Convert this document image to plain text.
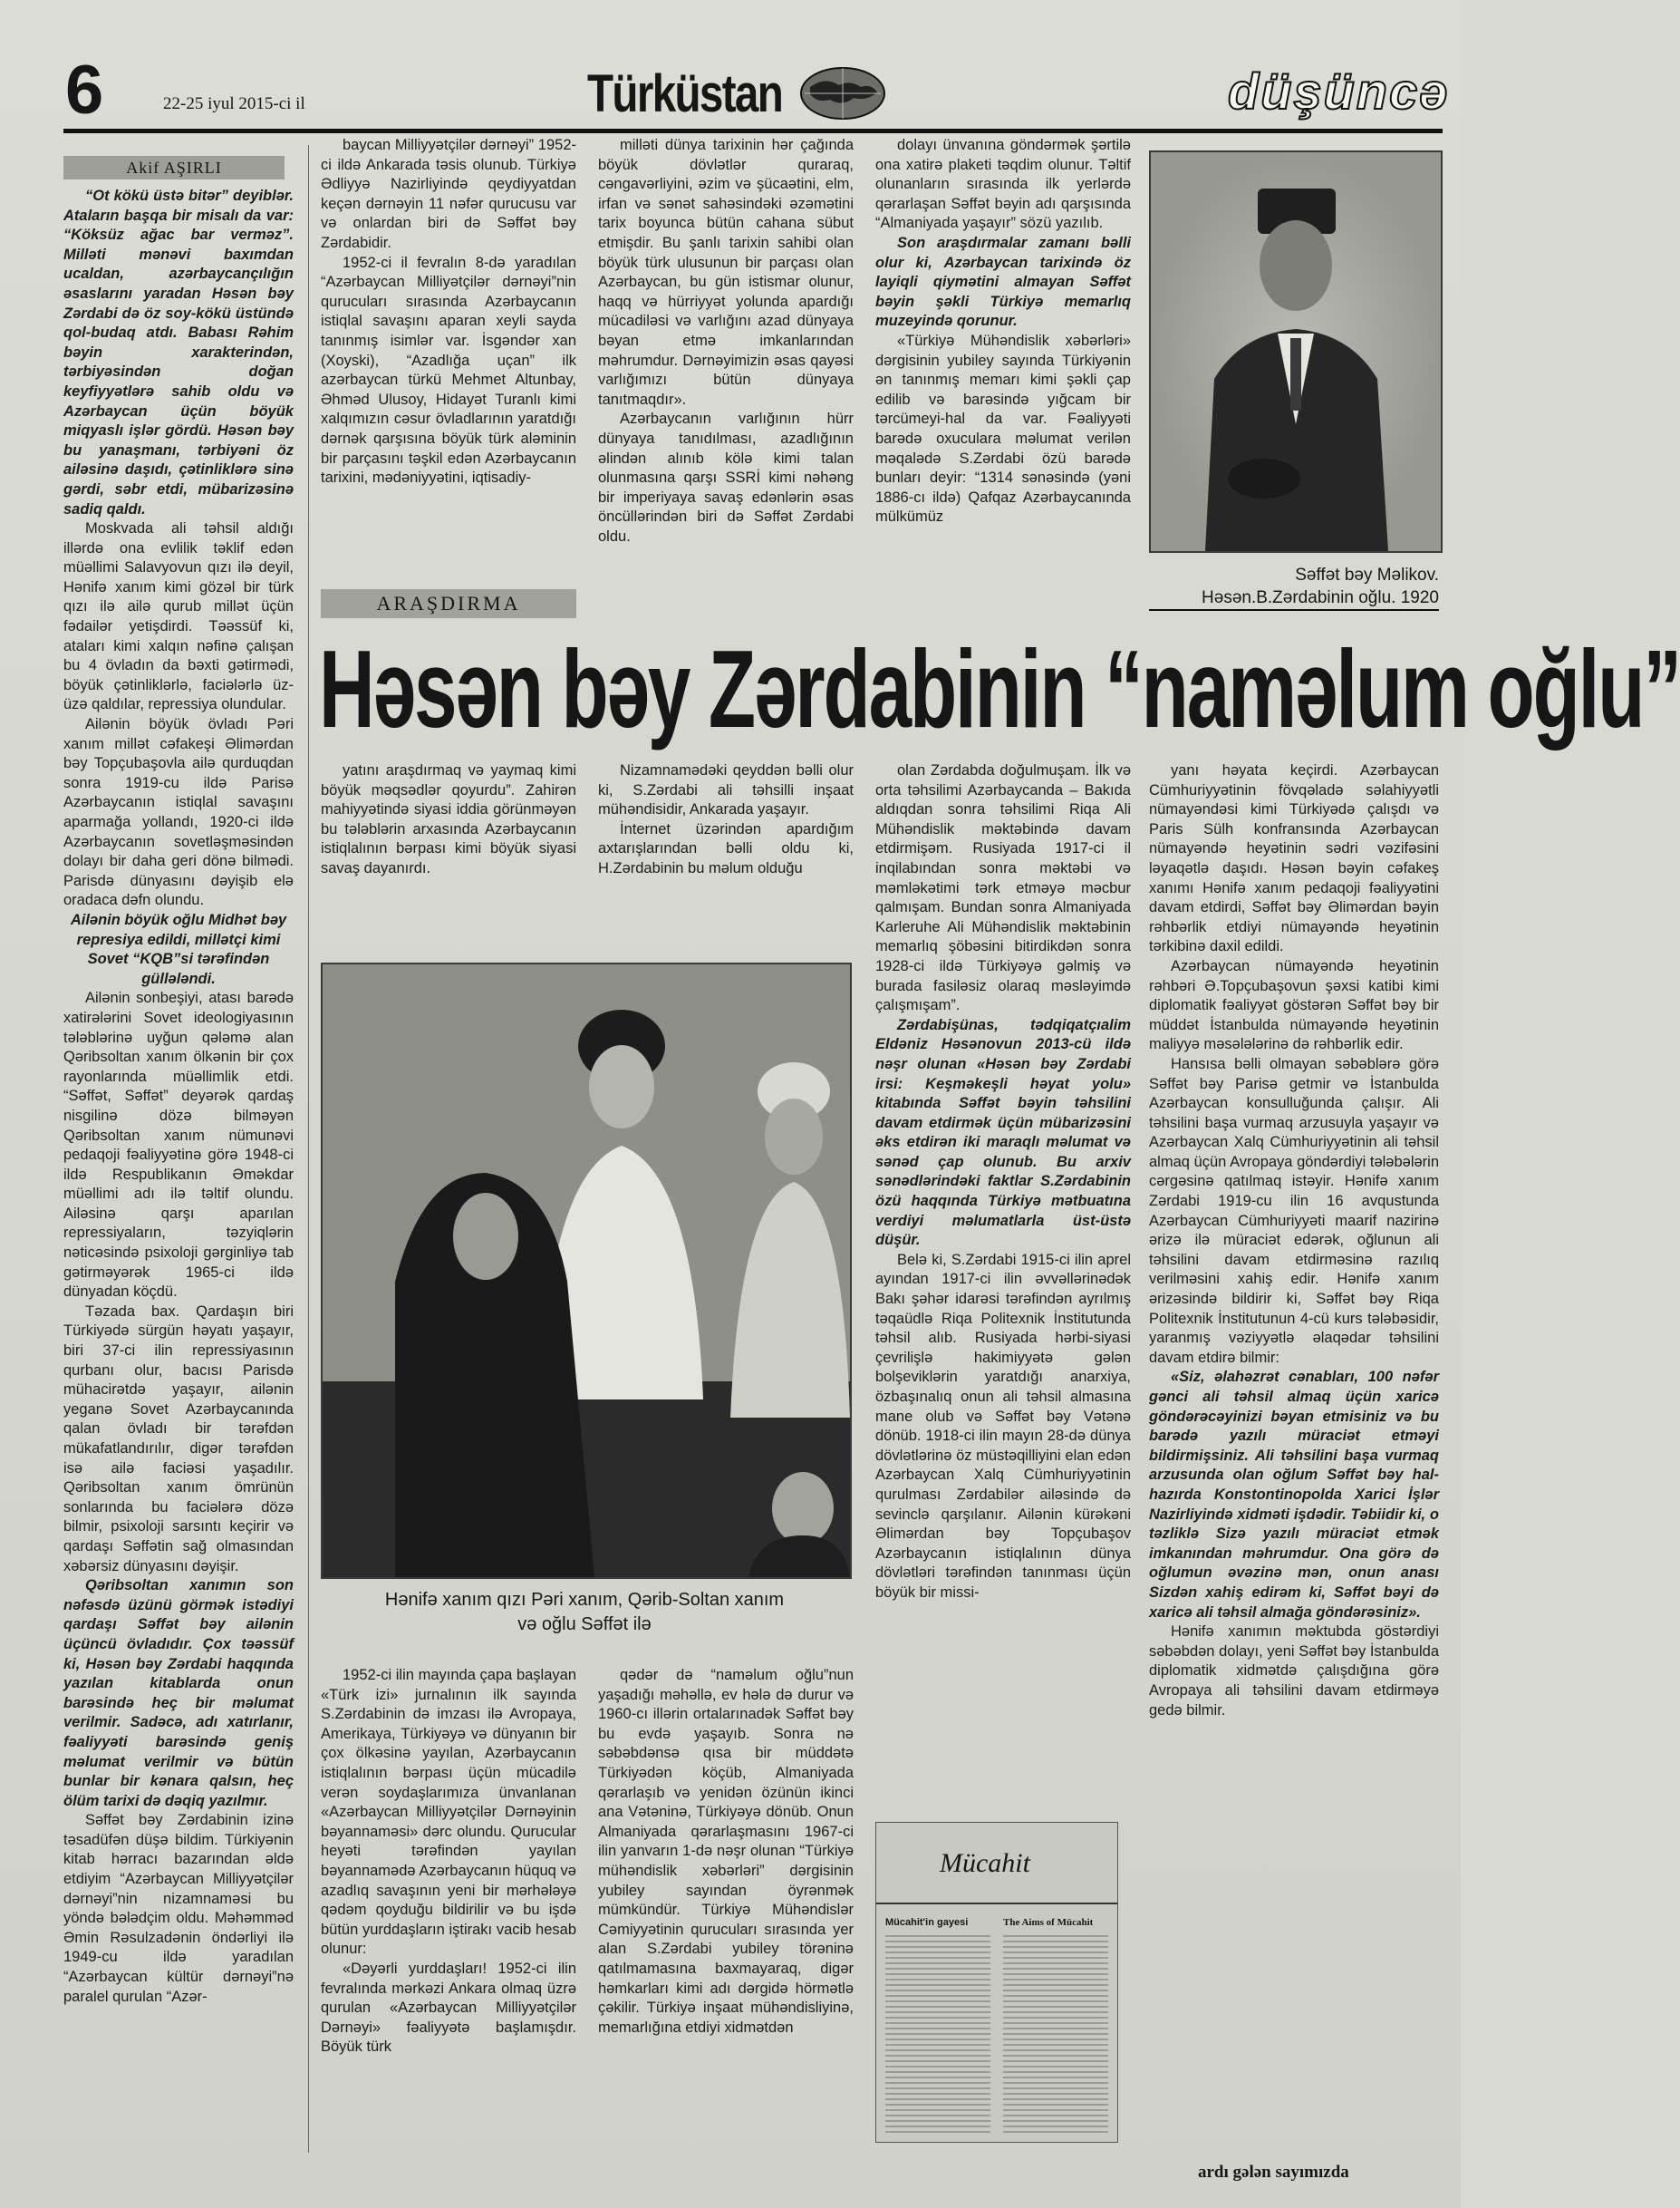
6	22-25 iyul 2015-ci il	Türküstan	düşüncə
Akif AŞIRLI
ARAŞDIRMA
Həsən bəy Zərdabinin “naməlum oğlu”

“Ot kökü üstə bitər” deyiblər. Ataların başqa bir misalı da var: “Köksüz ağac bar verməz”. Milləti mənəvi baxımdan ucaldan, azərbaycançılığın əsaslarını yaradan Həsən bəy Zərdabi də öz soy-kökü üstündə qol-budaq atdı. Babası Rəhim bəyin xarakterindən, tərbiyəsindən doğan keyfiyyətlərə sahib oldu və Azərbaycan üçün böyük miqyaslı işlər gördü. Həsən bəy bu yanaşmanı, tərbiyəni öz ailəsinə daşıdı, çətinliklərə sinə gərdi, səbr etdi, mübarizəsinə sadiq qaldı.

Moskvada ali təhsil aldığı illərdə ona evlilik təklif edən müəllimi Salavyovun qızı ilə deyil, Hənifə xanım kimi gözəl bir türk qızı ilə ailə qurub millət üçün fədailər yetişdirdi. Təəssüf ki, ataları kimi xalqın nəfinə çalışan bu 4 övladın da bəxti gətirmədi, böyük çətinliklərlə, faciələrlə üz-üzə qaldılar, repressiya olundular.

Ailənin böyük övladı Pəri xanım millət cəfakeşi Əlimərdan bəy Topçubaşovla ailə qurduqdan sonra 1919-cu ildə Parisə Azərbaycanın istiqlal savaşını aparmağa yollandı, 1920-ci ildə Azərbaycanın sovetləşməsindən dolayı bir daha geri dönə bilmədi. Parisdə dünyasını dəyişib elə oradaca dəfn olundu.

Ailənin böyük oğlu Midhət bəy represiya edildi, millətçi kimi Sovet “KQB”si tərəfindən güllələndi.

Ailənin sonbeşiyi, atası barədə xatirələrini Sovet ideologiyasının tələblərinə uyğun qələmə alan Qəribsoltan xanım ölkənin bir çox rayonlarında müəllimlik etdi. “Səffət, Səffət” deyərək qardaş nisgilinə dözə bilməyən Qəribsoltan xanım nümunəvi pedaqoji fəaliyyətinə görə 1948-ci ildə Respublikanın Əməkdar müəllimi adı ilə təltif olundu. Ailəsinə qarşı aparılan repressiyaların, təzyiqlərin nəticəsində psixoloji gərginliyə tab gətirməyərək 1965-ci ildə dünyadan köçdü.

Təzada bax. Qardaşın biri Türkiyədə sürgün həyatı yaşayır, biri 37-ci ilin repressiyasının qurbanı olur, bacısı Parisdə mühacirətdə yaşayır, ailənin yeganə Sovet Azərbaycanında qalan övladı bir tərəfdən mükafatlandırılır, digər tərəfdən isə ailə faciəsi yaşadılır. Qəribsoltan xanım ömrünün sonlarında bu faciələrə dözə bilmir, psixoloji sarsıntı keçirir və qardaşı Səffətin sağ olmasından xəbərsiz dünyasını dəyişir.

Qəribsoltan xanımın son nəfəsdə üzünü görmək istədiyi qardaşı Səffət bəy ailənin üçüncü övladıdır. Çox təəssüf ki, Həsən bəy Zərdabi haqqında yazılan kitablarda onun barəsində heç bir məlumat verilmir. Sadəcə, adı xatırlanır, fəaliyyəti barəsində geniş məlumat verilmir və bütün bunlar bir kənara qalsın, heç ölüm tarixi də dəqiq yazılmır.

Səffət bəy Zərdabinin izinə təsadüfən düşə bildim. Türkiyənin kitab hərracı bazarından əldə etdiyim “Azərbaycan Milliyyətçilər dərnəyi”nin nizamnaməsi bu yöndə bələdçim oldu. Məhəmməd Əmin Rəsulzadənin öndərliyi ilə 1949-cu ildə yaradılan “Azərbaycan kültür dərnəyi”nə paralel qurulan “Azər-

baycan Milliyyətçilər dərnəyi” 1952-ci ildə Ankarada təsis olunub. Türkiyə Ədliyyə Nazirliyində qeydiyyatdan keçən dərnəyin 11 nəfər qurucusu var və onlardan biri də Səffət bəy Zərdabidir.

1952-ci il fevralın 8-də yaradılan “Azərbaycan Milliyətçilər dərnəyi”nin qurucuları sırasında Azərbaycanın istiqlal savaşını aparan xeyli sayda tanınmış isimlər var. İsgəndər xan (Xoyski), “Azadlığa uçan” ilk azərbaycan türkü Mehmet Altunbay, Əhməd Ulusoy, Hidayət Turanlı kimi xalqımızın cəsur övladlarının yaratdığı dərnək qarşısına böyük türk aləminin bir parçasını təşkil edən Azərbaycanın tarixini, mədəniyyətini, iqtisadiy-

milləti dünya tarixinin hər çağında böyük dövlətlər quraraq, cəngavərliyini, əzim və şücaətini, elm, irfan və sənət sahəsindəki əzəmətini tarix boyunca bütün cahana sübut etmişdir. Bu şanlı tarixin sahibi olan böyük türk ulusunun bir parçası olan Azərbaycan, bu gün istismar olunur, haqq və hürriyyət yolunda apardığı mücadiləsi və varlığını azad dünyaya bəyan etmə imkanlarından məhrumdur. Dərnəyimizin əsas qayəsi varlığımızı bütün dünyaya tanıtmaqdır».

Azərbaycanın varlığının hürr dünyaya tanıdılması, azadlığının əlindən alınıb kölə kimi talan olunmasına qarşı SSRİ kimi nəhəng bir imperiyaya savaş edənlərin əsas öncüllərindən biri də Səffət Zərdabi oldu.

dolayı ünvanına göndərmək şərtilə ona xatirə plaketi təqdim olunur. Təltif olunanların sırasında ilk yerlərdə qərarlaşan Səffət bəyin adı qarşısında “Almaniyada yaşayır” sözü yazılıb.

Son araşdırmalar zamanı bəlli olur ki, Azərbaycan tarixində öz layiqli qiymətini almayan Səffət bəyin şəkli Türkiyə memarlıq muzeyində qorunur.

«Türkiyə Mühəndislik xəbərləri» dərgisinin yubiley sayında Türkiyənin ən tanınmış memarı kimi şəkli çap edilib və barəsində yığcam bir tərcümeyi-hal da var. Fəaliyyəti barədə oxuculara məlumat verilən məqalədə S.Zərdabi özü barədə bunları deyir: “1314 sənəsində (yəni 1886-cı ildə) Qafqaz Azərbaycanında mülkümüz

Səffət bəy Məlikov.
Həsən.B.Zərdabinin oğlu. 1920

yatını araşdırmaq və yaymaq kimi böyük məqsədlər qoyurdu”. Zahirən mahiyyətində siyasi iddia görünməyən bu tələblərin arxasında Azərbaycanın istiqlalının bərpası kimi böyük siyasi savaş dayanırdı.

Nizamnamədəki qeyddən bəlli olur ki, S.Zərdabi ali təhsilli inşaat mühəndisidir, Ankarada yaşayır.

İnternet üzərindən apardığım axtarışlarından bəlli oldu ki, H.Zərdabinin bu məlum olduğu

Hənifə xanım qızı Pəri xanım, Qərib-Soltan xanım
və oğlu Səffət ilə

olan Zərdabda doğulmuşam. İlk və orta təhsilimi Azərbaycanda – Bakıda aldıqdan sonra təhsilimi Riqa Ali Mühəndislik məktəbində davam etdirmişəm. Rusiyada 1917-ci il inqilabından sonra məktəbi və məmləkətimi tərk etməyə məcbur qalmışam. Bundan sonra Almaniyada Karleruhe Ali Mühəndislik məktəbinin memarlıq şöbəsini bitirdikdən sonra 1928-ci ildə Türkiyəyə gəlmiş və burada fasiləsiz olaraq məsləyimdə çalışmışam”.

Zərdabişünas, tədqiqatçıalim Eldəniz Həsənovun 2013-cü ildə nəşr olunan «Həsən bəy Zərdabi irsi: Keşməkeşli həyat yolu» kitabında Səffət bəyin təhsilini davam etdirmək üçün mübarizəsini əks etdirən iki maraqlı məlumat və sənəd çap olunub. Bu arxiv sənədlərindəki faktlar S.Zərdabinin özü haqqında Türkiyə mətbuatına verdiyi məlumatlarla üst-üstə düşür.

Belə ki, S.Zərdabi 1915-ci ilin aprel ayından 1917-ci ilin əvvəllərinədək Bakı şəhər idarəsi tərəfindən ayrılmış təqaüdlə Riqa Politexnik İnstitutunda təhsil alıb. Rusiyada hərbi-siyasi çevrilişlə hakimiyyətə gələn bolşeviklərin yaratdığı anarxiya, özbaşınalıq onun ali təhsil almasına mane olub və Səffət bəy Vətənə dönüb. 1918-ci ilin mayın 28-də dünya dövlətlərinə öz müstəqilliyini elan edən Azərbaycan Xalq Cümhuriyyətinin qurulması Zərdabilər ailəsində də sevinclə qarşılanır. Ailənin kürəkəni Əlimərdan bəy Topçubaşov Azərbaycanın istiqlalının dünya dövlətləri tərəfindən tanınması üçün böyük bir missi-

yanı həyata keçirdi. Azərbaycan Cümhuriyyətinin fövqəladə səlahiyyətli nümayəndəsi kimi Türkiyədə çalışdı və Paris Sülh konfransında Azərbaycan nümayəndə heyətinin sədri vəzifəsini ləyaqətlə daşıdı. Həsən bəyin cəfakeş xanımı Hənifə xanım pedaqoji fəaliyyətini davam etdirdi, Səffət bəy Əlimərdan bəyin rəhbərlik etdiyi nümayəndə heyətinin tərkibinə daxil edildi.

Azərbaycan nümayəndə heyətinin rəhbəri Ə.Topçubaşovun şəxsi katibi kimi diplomatik fəaliyyət göstərən Səffət bəy bir müddət İstanbulda nümayəndə heyətinin maliyyə məsələlərinə də rəhbərlik edir.

Hansısa bəlli olmayan səbəblərə görə Səffət bəy Parisə getmir və İstanbulda Azərbaycan konsulluğunda çalışır. Ali təhsilini başa vurmaq arzusuyla yaşayır və Azərbaycan Xalq Cümhuriyyətinin ali təhsil almaq üçün Avropaya göndərdiyi tələbələrin cərgəsinə qatılmaq istəyir. Hənifə xanım Zərdabi 1919-cu ilin 16 avqustunda Azərbaycan Cümhuriyyəti maarif nazirinə ərizə ilə müraciət edərək, oğlunun ali təhsilini davam etdirməsinə razılıq verilməsini xahiş edir. Hənifə xanım ərizəsində bildirir ki, Səffət bəy Riqa Politexnik İnstitutunun 4-cü kurs tələbəsidir, yaranmış vəziyyətlə əlaqədar təhsilini davam etdirə bilmir:

«Siz, əlahəzrət cənabları, 100 nəfər gənci ali təhsil almaq üçün xaricə göndərəcəyinizi bəyan etmisiniz və bu barədə yazılı müraciət etməyi bildirmişsiniz. Ali təhsilini başa vurmaq arzusunda olan oğlum Səffət bəy hal-hazırda Konstontinopolda Xarici İşlər Nazirliyində xidməti işdədir. Təbiidir ki, o təzliklə Sizə yazılı müraciət etmək imkanından məhrumdur. Ona görə də oğlumun əvəzinə mən, onun anası Sizdən xahiş edirəm ki, Səffət bəyi də xaricə ali təhsil almağa göndərəsiniz».

Hənifə xanımın məktubda göstərdiyi səbəbdən dolayı, yeni Səffət bəy İstanbulda diplomatik xidmətdə çalışdığına görə Avropaya ali təhsilini davam etdirməyə gedə bilmir.

1952-ci ilin mayında çapa başlayan «Türk izi» jurnalının ilk sayında S.Zərdabinin də imzası ilə Avropaya, Amerikaya, Türkiyəyə və dünyanın bir çox ölkəsinə yayılan, Azərbaycanın istiqlalının bərpası üçün mücadilə verən soydaşlarımıza ünvanlanan «Azərbaycan Milliyyətçilər Dərnəyinin bəyannaməsi» dərc olundu. Qurucular heyəti tərəfindən yayılan bəyannamədə Azərbaycanın hüquq və azadlıq savaşının yeni bir mərhələyə qədəm qoyduğu bildirilir və bu işdə bütün yurddaşların iştirakı vacib hesab olunur:

«Dəyərli yurddaşları! 1952-ci ilin fevralında mərkəzi Ankara olmaq üzrə qurulan «Azərbaycan Milliyyətçilər Dərnəyi» fəaliyyətə başlamışdır. Böyük türk

qədər də “naməlum oğlu”nun yaşadığı məhəllə, ev hələ də durur və 1960-cı illərin ortalarınadək Səffət bəy bu evdə yaşayıb. Sonra nə səbəbdənsə qısa bir müddətə Türkiyədən köçüb, Almaniyada qərarlaşıb və yenidən özünün ikinci ana Vətəninə, Türkiyəyə dönüb. Onun Almaniyada qərarlaşmasını 1967-ci ilin yanvarın 1-də nəşr olunan “Türkiyə mühəndislik xəbərləri” dərgisinin yubiley sayından öyrənmək mümkündür. Türkiyə Mühəndislər Cəmiyyətinin qurucuları sırasında yer alan S.Zərdabi yubiley törəninə qatılmamasına baxmayaraq, digər həmkarları kimi adı dərgidə hörmətlə çəkilir. Türkiyə inşaat mühəndisliyinə, memarlığına etdiyi xidmətdən

Mücahit
Mücahit'in gayesi	The Aims of Mücahit
ardı gələn sayımızda
